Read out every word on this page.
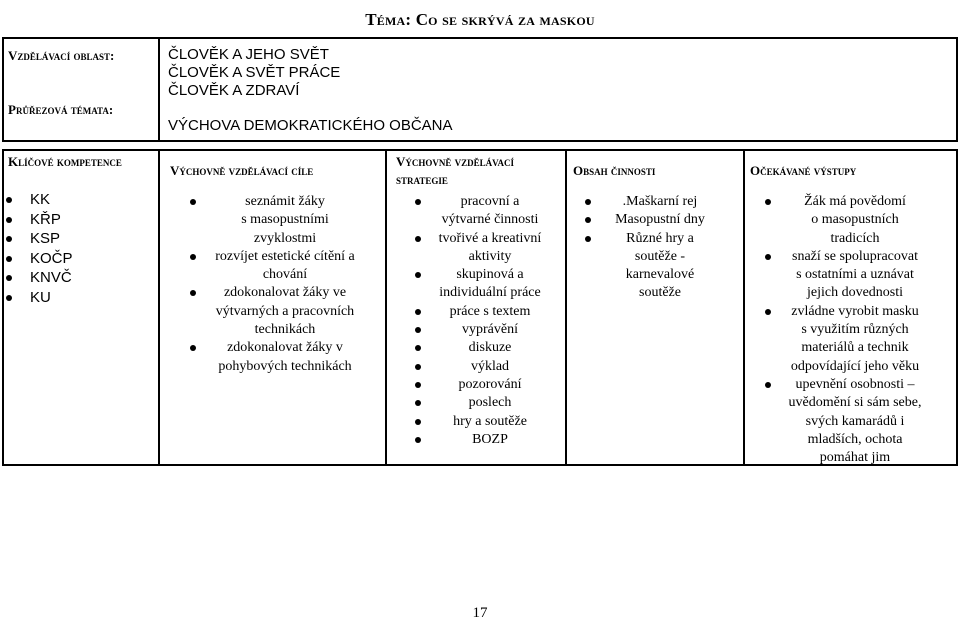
Téma: Co se skrývá za maskou
Vzdělávací oblast:	ČLOVĚK A JEHO SVĚT
ČLOVĚK A SVĚT PRÁCE
ČLOVĚK A ZDRAVÍ
Průřezová témata:
VÝCHOVA DEMOKRATICKÉHO OBČANA
Klíčové kompetence
Výchovně vzdělávací cíle
Výchovně vzdělávací
strategie
Obsah činnosti	Očekávané výstupy
KK
KŘP
KSP
KOČP
KNVČ
KU
seznámit žáky
s masopustními
zvyklostmi
rozvíjet estetické cítění a
chování
zdokonalovat žáky ve
výtvarných a pracovních
technikách
zdokonalovat žáky v
pohybových technikách
pracovní a
výtvarné činnosti
tvořivé a kreativní
aktivity
skupinová a
individuální práce
práce s textem
vyprávění
diskuze
výklad
pozorování
poslech
hry a soutěže
BOZP
.Maškarní rej
Masopustní dny
Různé hry a
soutěže -
karnevalové
soutěže
Žák má povědomí
o masopustních
tradicích
snaží se spolupracovat
s ostatními a uznávat
jejich dovednosti
zvládne vyrobit masku
s využitím různých
materiálů a technik
odpovídající jeho věku
upevnění osobnosti –
uvědomění si sám sebe,
svých kamarádů i
mladších, ochota
pomáhat jim
17
